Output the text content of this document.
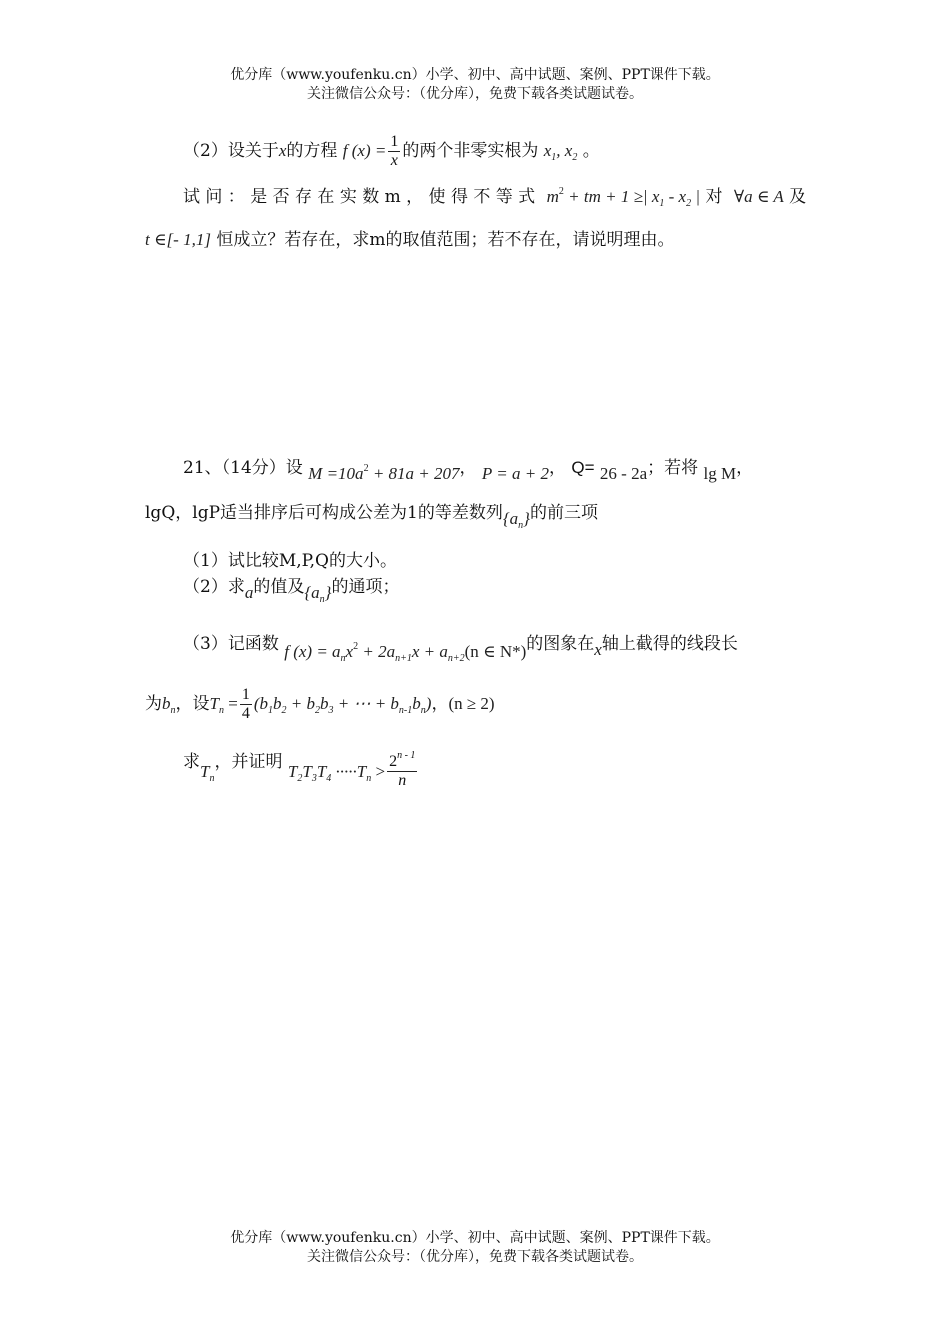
优分库（www.youfenku.cn）小学、初中、高中试题、案例、PPT课件下载。
关注微信公众号：（优分库），免费下载各类试题试卷。
（2）设关于x的方程 f $(x) = \frac{1}{x}$ 的两个非零实根为 $x_1$, $x_2$ 。
试 问 ： 是 否 存 在 实 数 m ， 使 得 不 等 式 $m^2$ + tm + 1 ≥| $x_1 - x_2$ | 对 ∀a ∈ A 及
t ∈[- 1,1] 恒成立？若存在，求m的取值范围；若不存在，请说明理由。
21、（14分）设 $M =10a^2 + 81a + 207$， P = a + 2， Q= 26 - 2a；若将 lg M，
lgQ，lgP适当排序后可构成公差为1的等差数列$\{a_n\}$的前三项
（1）试比较M,P,Q的大小。
（2）求a的值及$\{a_n\}$的通项；
（3）记函数 f $(x) = a_nx^2 + 2a_{n+1}x + a_{n+2}(n$ ∈ N*)的图象在x轴上截得的线段长
为$b_n$，设$T_n = \frac{1}{4} (b_1b_2 + b_2b_3$ + ⋯ + $b_{n-1}b_n$)，(n ≥ 2)
求$T_n$，并证明 $T_2T_3T_4 \cdot\cdot\cdot\cdot\cdot T_n > \frac{2^{n - 1}}{n}$
优分库（www.youfenku.cn）小学、初中、高中试题、案例、PPT课件下载。
关注微信公众号：（优分库），免费下载各类试题试卷。
